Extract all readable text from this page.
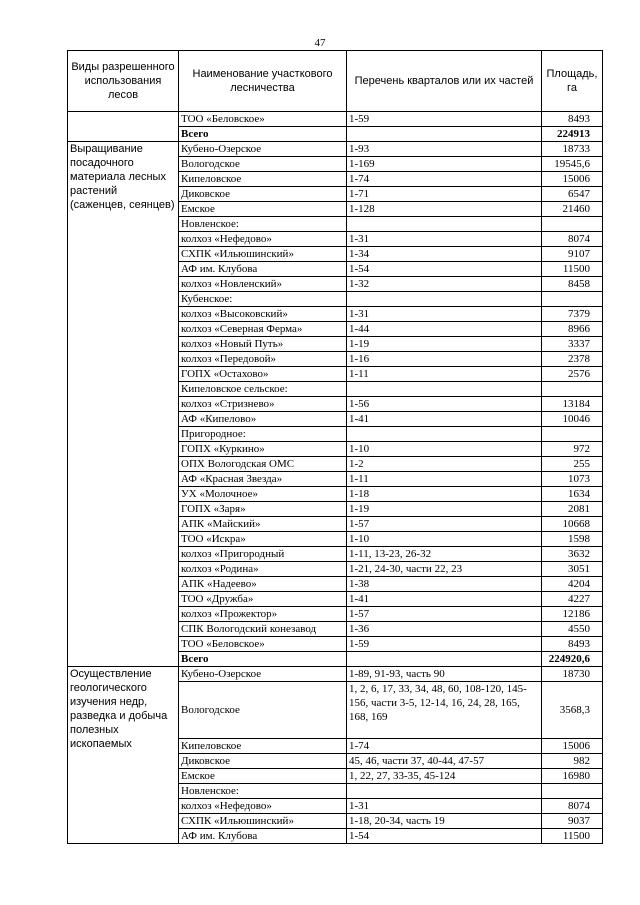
47
Виды разрешенного использования лесов	Наименование участкового лесничества	Перечень кварталов или их частей	Площадь, га
	ТОО «Беловское»	1-59	8493
	Всего		224913
Выращивание посадочного материала лесных растений (саженцев, сеянцев)	Кубено-Озерское	1-93	18733
	Вологодское	1-169	19545,6
	Кипеловское	1-74	15006
	Диковское	1-71	6547
	Емское	1-128	21460
	Новленское:		
	колхоз «Нефедово»	1-31	8074
	СХПК «Ильюшинский»	1-34	9107
	АФ им. Клубова	1-54	11500
	колхоз «Новленский»	1-32	8458
	Кубенское:		
	колхоз «Высоковский»	1-31	7379
	колхоз «Северная Ферма»	1-44	8966
	колхоз «Новый Путь»	1-19	3337
	колхоз «Передовой»	1-16	2378
	ГОПХ «Остахово»	1-11	2576
	Кипеловское сельское:		
	колхоз «Стризнево»	1-56	13184
	АФ «Кипелово»	1-41	10046
	Пригородное:		
	ГОПХ «Куркино»	1-10	972
	ОПХ Вологодская ОМС	1-2	255
	АФ «Красная Звезда»	1-11	1073
	УХ «Молочное»	1-18	1634
	ГОПХ «Заря»	1-19	2081
	АПК «Майский»	1-57	10668
	ТОО «Искра»	1-10	1598
	колхоз «Пригородный	1-11, 13-23, 26-32	3632
	колхоз «Родина»	1-21, 24-30, части 22, 23	3051
	АПК «Надеево»	1-38	4204
	ТОО «Дружба»	1-41	4227
	колхоз «Прожектор»	1-57	12186
	СПК Вологодский конезавод	1-36	4550
	ТОО «Беловское»	1-59	8493
	Всего		224920,6
Осуществление геологического изучения недр, разведка и добыча полезных ископаемых	Кубено-Озерское	1-89, 91-93, часть 90	18730
	Вологодское	1, 2, 6, 17, 33, 34, 48, 60, 108-120, 145-156, части 3-5, 12-14, 16, 24, 28, 165, 168, 169	3568,3
	Кипеловское	1-74	15006
	Диковское	45, 46, части 37, 40-44, 47-57	982
	Емское	1, 22, 27, 33-35, 45-124	16980
	Новленское:		
	колхоз «Нефедово»	1-31	8074
	СХПК «Ильюшинский»	1-18, 20-34, часть 19	9037
	АФ им. Клубова	1-54	11500
